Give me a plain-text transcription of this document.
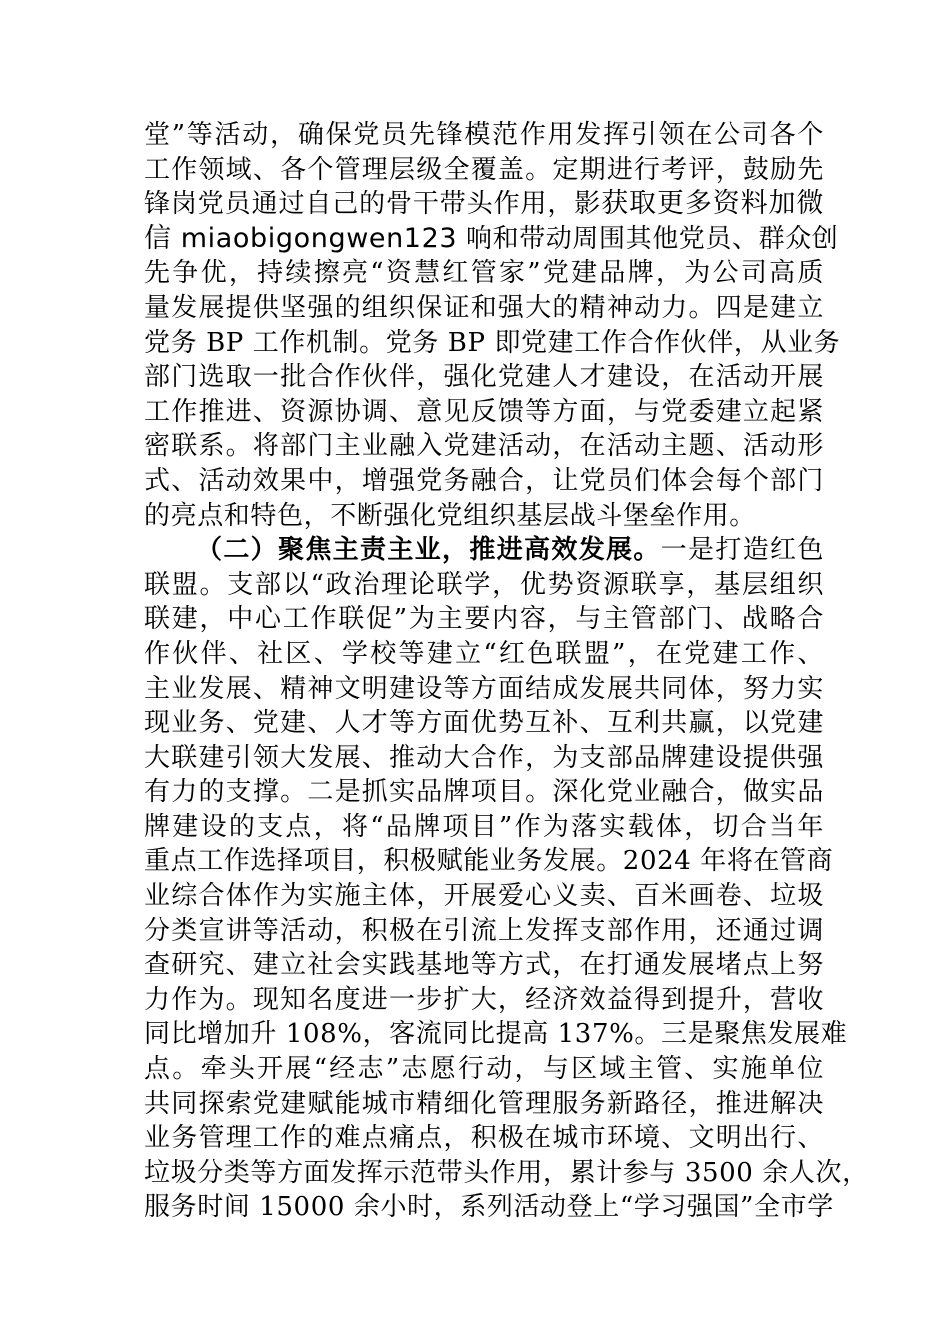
堂”等活动，确保党员先锋模范作用发挥引领在公司各个
工作领域、各个管理层级全覆盖。定期进行考评，鼓励先
锋岗党员通过自己的骨干带头作用，影获取更多资料加微
信 miaobigongwen123 响和带动周围其他党员、群众创
先争优，持续擦亮“资慧红管家”党建品牌，为公司高质
量发展提供坚强的组织保证和强大的精神动力。四是建立
党务 BP 工作机制。党务 BP 即党建工作合作伙伴，从业务
部门选取一批合作伙伴，强化党建人才建设，在活动开展
工作推进、资源协调、意见反馈等方面，与党委建立起紧
密联系。将部门主业融入党建活动，在活动主题、活动形
式、活动效果中，增强党务融合，让党员们体会每个部门
的亮点和特色，不断强化党组织基层战斗堡垒作用。
（二）聚焦主责主业，推进高效发展。一是打造红色
联盟。支部以“政治理论联学，优势资源联享，基层组织
联建，中心工作联促”为主要内容，与主管部门、战略合
作伙伴、社区、学校等建立“红色联盟”，在党建工作、
主业发展、精神文明建设等方面结成发展共同体，努力实
现业务、党建、人才等方面优势互补、互利共赢，以党建
大联建引领大发展、推动大合作，为支部品牌建设提供强
有力的支撑。二是抓实品牌项目。深化党业融合，做实品
牌建设的支点，将“品牌项目”作为落实载体，切合当年
重点工作选择项目，积极赋能业务发展。2024 年将在管商
业综合体作为实施主体，开展爱心义卖、百米画卷、垃圾
分类宣讲等活动，积极在引流上发挥支部作用，还通过调
查研究、建立社会实践基地等方式，在打通发展堵点上努
力作为。现知名度进一步扩大，经济效益得到提升，营收
同比增加升 108%，客流同比提高 137%。三是聚焦发展难
点。牵头开展“经志”志愿行动，与区域主管、实施单位
共同探索党建赋能城市精细化管理服务新路径，推进解决
业务管理工作的难点痛点，积极在城市环境、文明出行、
垃圾分类等方面发挥示范带头作用，累计参与 3500 余人次，
服务时间 15000 余小时，系列活动登上“学习强国”全市学
